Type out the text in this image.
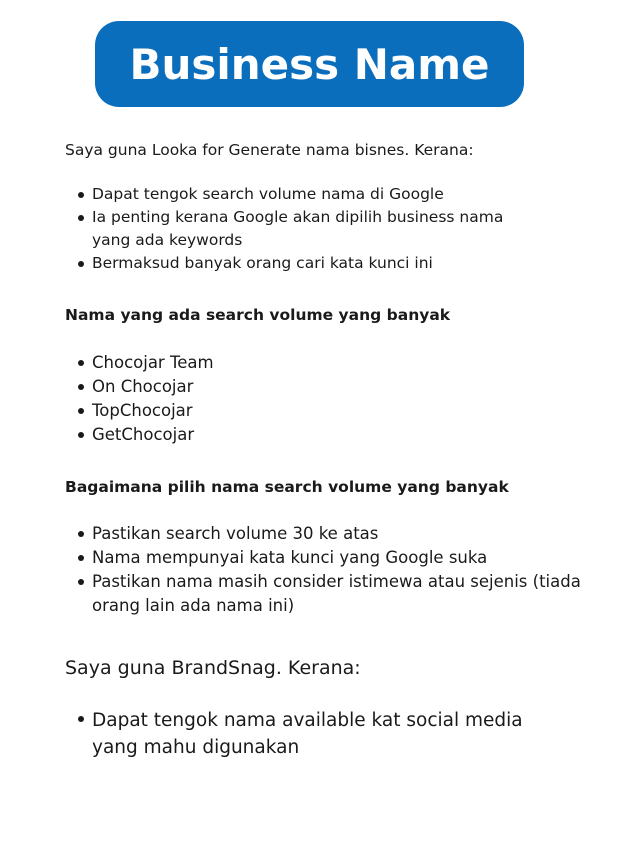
Business Name
Saya guna Looka for Generate nama bisnes. Kerana:
Dapat tengok search volume nama di Google
Ia penting kerana Google akan dipilih business nama yang ada keywords
Bermaksud banyak orang cari kata kunci ini
Nama yang ada search volume yang banyak
Chocojar Team
On Chocojar
TopChocojar
GetChocojar
Bagaimana pilih nama search volume yang banyak
Pastikan search volume 30 ke atas
Nama mempunyai kata kunci yang Google suka
Pastikan nama masih consider istimewa atau sejenis (tiada orang lain ada nama ini)
Saya guna BrandSnag. Kerana:
Dapat tengok nama available kat social media yang mahu digunakan
